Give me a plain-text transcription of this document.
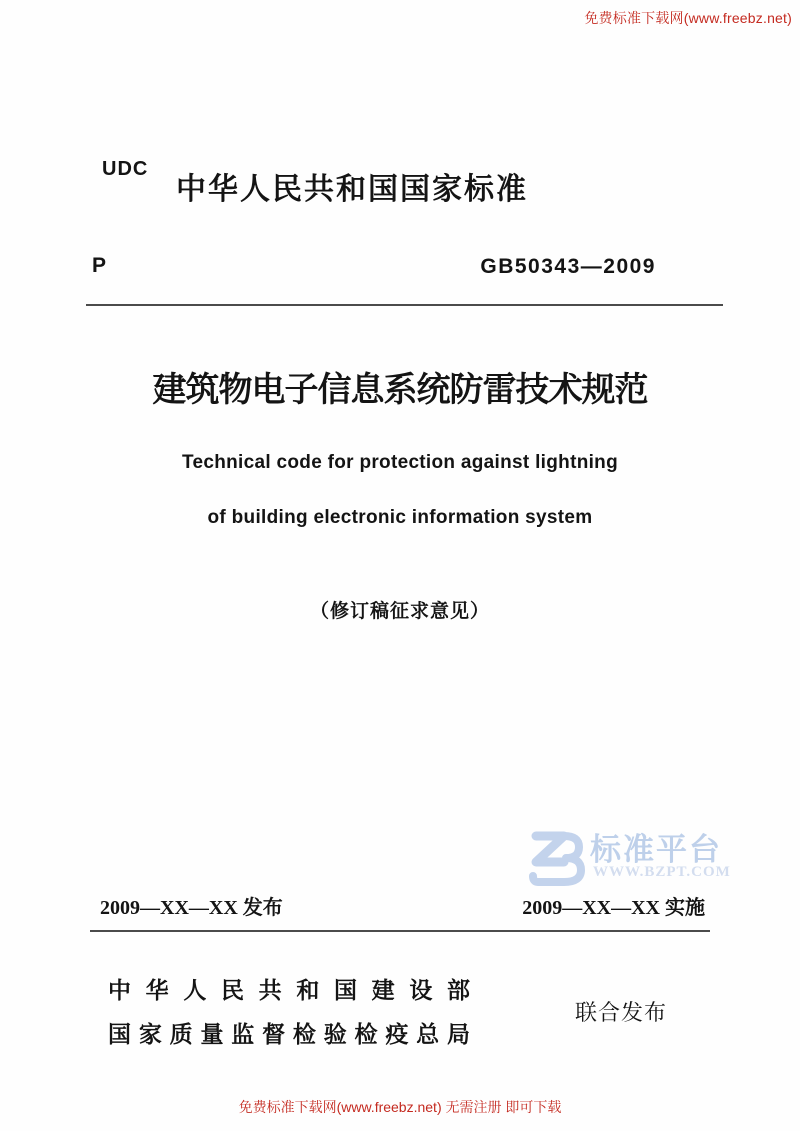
免费标准下载网(www.freebz.net)
UDC
中华人民共和国国家标准
P	GB50343—2009
建筑物电子信息系统防雷技术规范
Technical code for protection against lightning
of building electronic information system
（修订稿征求意见）
标准平台
WWW.BZPT.COM
2009—XX—XX 发布	2009—XX—XX 实施
中 华 人 民 共 和 国 建 设 部
国 家 质 量 监 督 检 验 检 疫 总 局
联合发布
免费标准下载网(www.freebz.net) 无需注册 即可下载
